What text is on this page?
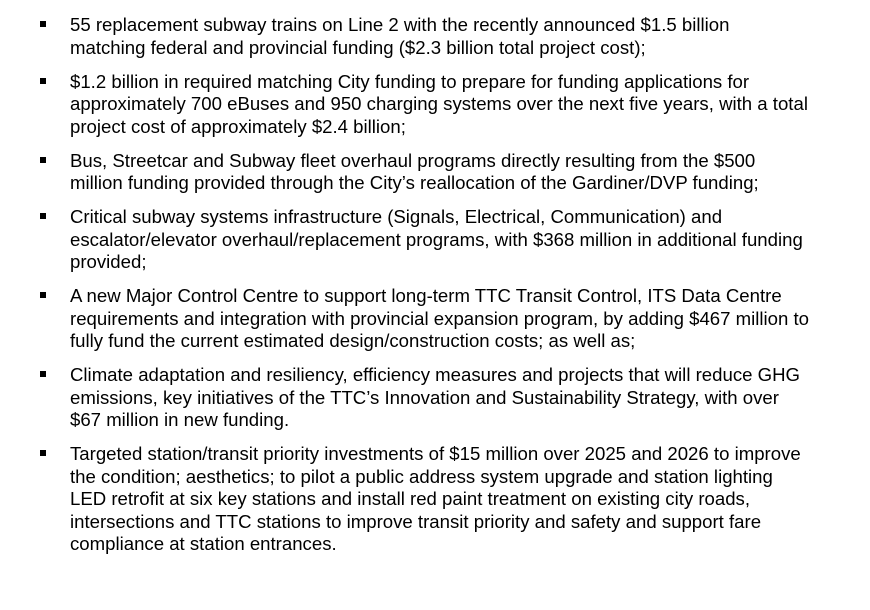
55 replacement subway trains on Line 2 with the recently announced $1.5 billion matching federal and provincial funding ($2.3 billion total project cost);
$1.2 billion in required matching City funding to prepare for funding applications for approximately 700 eBuses and 950 charging systems over the next five years, with a total project cost of approximately $2.4 billion;
Bus, Streetcar and Subway fleet overhaul programs directly resulting from the $500 million funding provided through the City’s reallocation of the Gardiner/DVP funding;
Critical subway systems infrastructure (Signals, Electrical, Communication) and escalator/elevator overhaul/replacement programs, with $368 million in additional funding provided;
A new Major Control Centre to support long-term TTC Transit Control, ITS Data Centre requirements and integration with provincial expansion program, by adding $467 million to fully fund the current estimated design/construction costs; as well as;
Climate adaptation and resiliency, efficiency measures and projects that will reduce GHG emissions, key initiatives of the TTC’s Innovation and Sustainability Strategy, with over $67 million in new funding.
Targeted station/transit priority investments of $15 million over 2025 and 2026 to improve the condition; aesthetics; to pilot a public address system upgrade and station lighting LED retrofit at six key stations and install red paint treatment on existing city roads, intersections and TTC stations to improve transit priority and safety and support fare compliance at station entrances.
